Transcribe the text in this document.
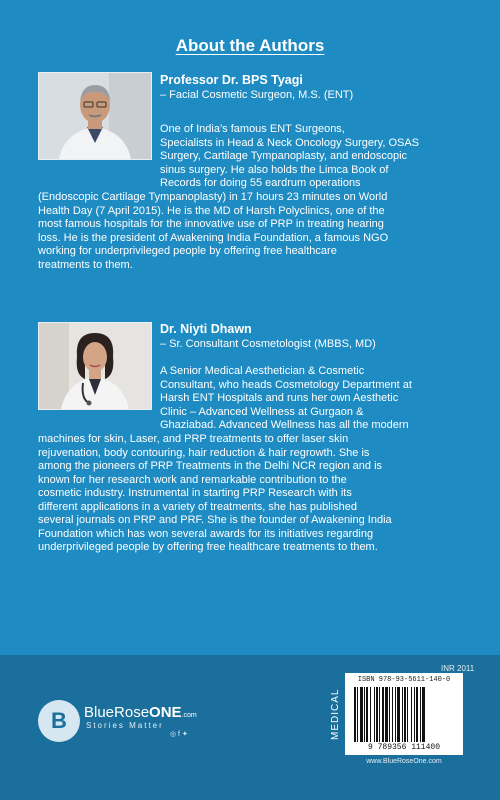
About the Authors
Professor Dr. BPS Tyagi
– Facial Cosmetic Surgeon, M.S. (ENT)
One of India’s famous ENT Surgeons,
Specialists in Head & Neck Oncology Surgery, OSAS
Surgery, Cartilage Tympanoplasty, and endoscopic
sinus surgery. He also holds the Limca Book of
Records for doing 55 eardrum operations
(Endoscopic Cartilage Tympanoplasty) in 17 hours 23 minutes on World
Health Day (7 April 2015). He is the MD of Harsh Polyclinics, one of the
most famous hospitals for the innovative use of PRP in treating hearing
loss. He is the president of Awakening India Foundation, a famous NGO
working for underprivileged people by offering free healthcare
treatments to them.
Dr. Niyti Dhawn
– Sr. Consultant Cosmetologist (MBBS, MD)
A Senior Medical Aesthetician & Cosmetic
Consultant, who heads Cosmetology Department at
Harsh ENT Hospitals and runs her own Aesthetic
Clinic – Advanced Wellness at Gurgaon &
Ghaziabad. Advanced Wellness has all the modern
machines for skin, Laser, and PRP treatments to offer laser skin
rejuvenation, body contouring, hair reduction & hair regrowth. She is
among the pioneers of PRP Treatments in the Delhi NCR region and is
known for her research work and remarkable contribution to the
cosmetic industry. Instrumental in starting PRP Research with its
different applications in a variety of treatments, she has published
several journals on PRP and PRF. She is the founder of Awakening India
Foundation which has won several awards for its initiatives regarding
underprivileged people by offering free healthcare treatments to them.
B	BlueRoseONE.com
Stories Matter
◎ f ✦	MEDICAL
INR 2011
ISBN 978-93-5611-140-0
9 789356 111400
www.BlueRoseOne.com
